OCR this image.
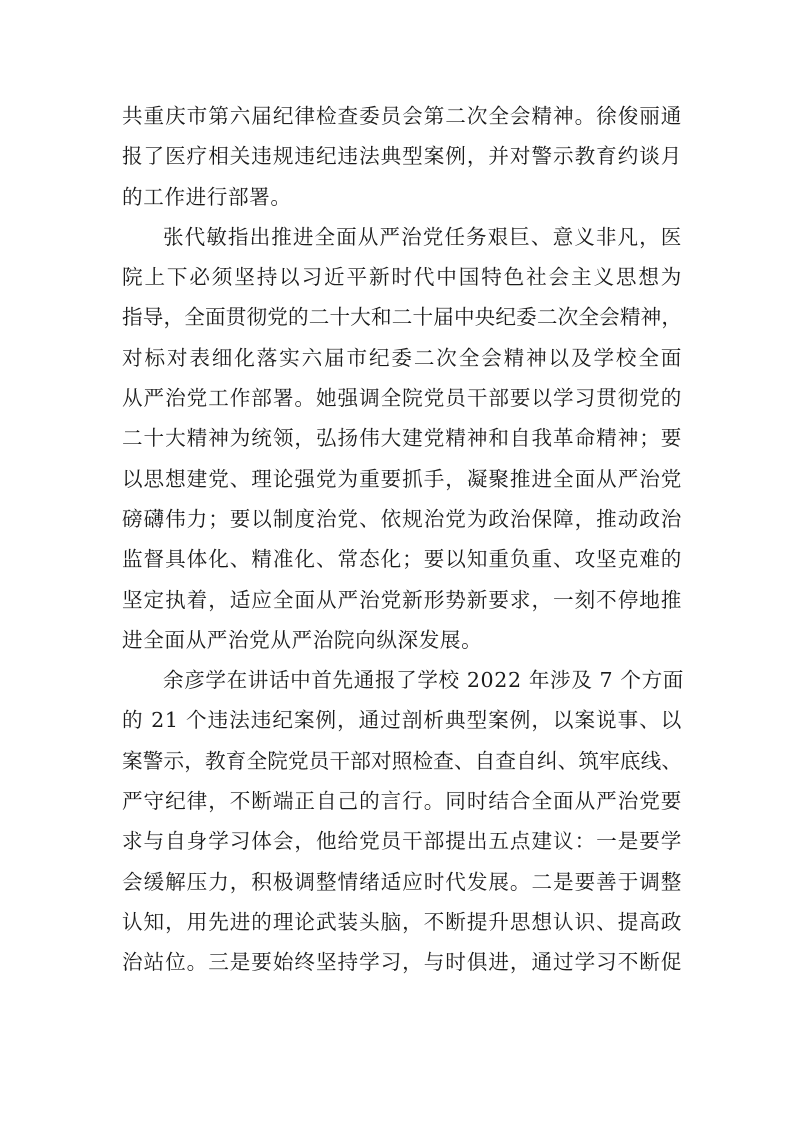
共重庆市第六届纪律检查委员会第二次全会精神。徐俊丽通
报了医疗相关违规违纪违法典型案例，并对警示教育约谈月
的工作进行部署。
张代敏指出推进全面从严治党任务艰巨、意义非凡，医
院上下必须坚持以习近平新时代中国特色社会主义思想为
指导，全面贯彻党的二十大和二十届中央纪委二次全会精神，
对标对表细化落实六届市纪委二次全会精神以及学校全面
从严治党工作部署。她强调全院党员干部要以学习贯彻党的
二十大精神为统领，弘扬伟大建党精神和自我革命精神；要
以思想建党、理论强党为重要抓手，凝聚推进全面从严治党
磅礴伟力；要以制度治党、依规治党为政治保障，推动政治
监督具体化、精准化、常态化；要以知重负重、攻坚克难的
坚定执着，适应全面从严治党新形势新要求，一刻不停地推
进全面从严治党从严治院向纵深发展。
余彦学在讲话中首先通报了学校 2022 年涉及 7 个方面
的 21 个违法违纪案例，通过剖析典型案例，以案说事、以
案警示，教育全院党员干部对照检查、自查自纠、筑牢底线、
严守纪律，不断端正自己的言行。同时结合全面从严治党要
求与自身学习体会，他给党员干部提出五点建议：一是要学
会缓解压力，积极调整情绪适应时代发展。二是要善于调整
认知，用先进的理论武装头脑，不断提升思想认识、提高政
治站位。三是要始终坚持学习，与时俱进，通过学习不断促
